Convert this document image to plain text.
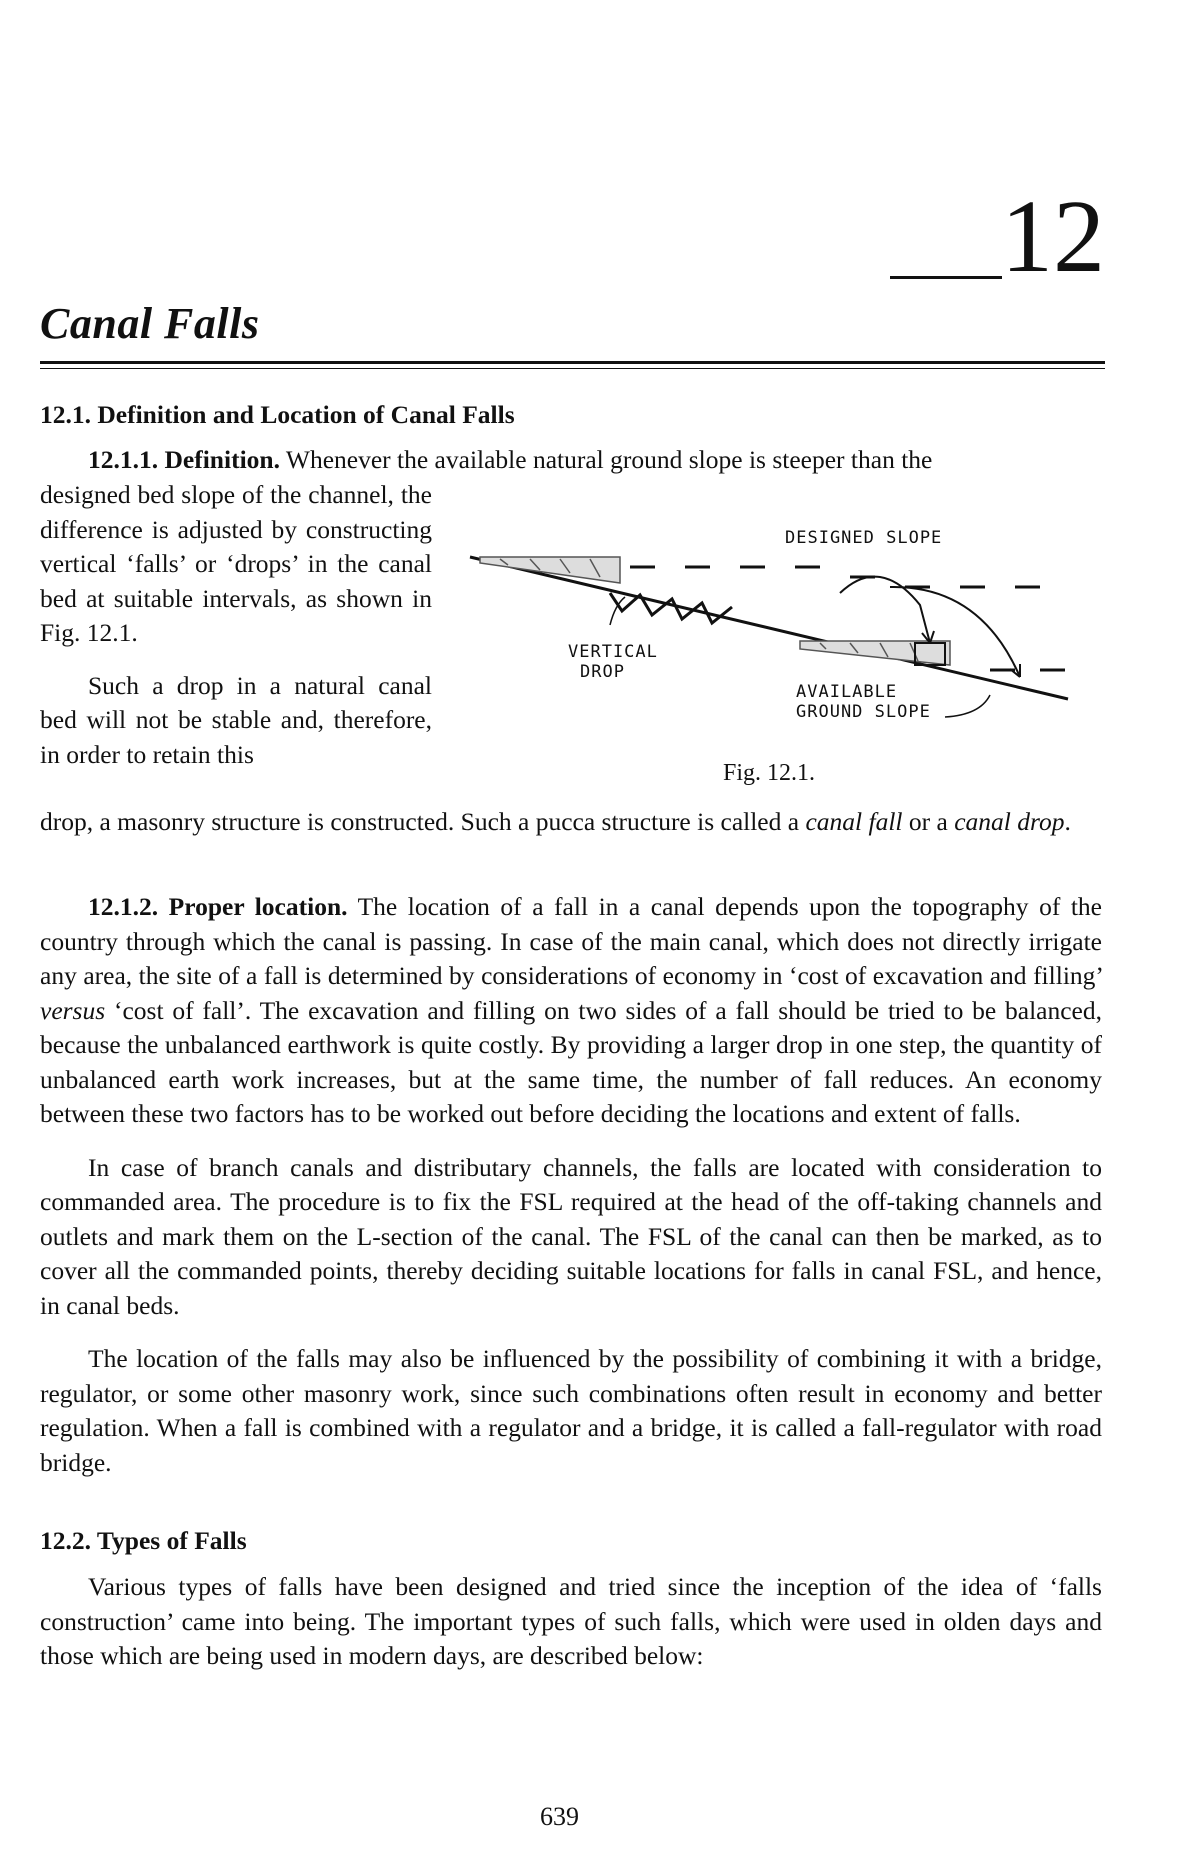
12
Canal Falls
12.1. Definition and Location of Canal Falls
12.1.1. Definition. Whenever the available natural ground slope is steeper than the

designed bed slope of the channel, the difference is adjusted by constructing vertical ‘falls’ or ‘drops’ in the canal bed at suitable intervals, as shown in Fig. 12.1.

Such a drop in a natural canal bed will not be stable and, therefore, in order to retain this

DESIGNED SLOPE
VERTICAL
DROP
AVAILABLE
GROUND SLOPE
Fig. 12.1.
drop, a masonry structure is constructed. Such a pucca structure is called a canal fall or a canal drop.

12.1.2. Proper location. The location of a fall in a canal depends upon the topography of the country through which the canal is passing. In case of the main canal, which does not directly irrigate any area, the site of a fall is determined by considerations of economy in ‘cost of excavation and filling’ versus ‘cost of fall’. The excavation and filling on two sides of a fall should be tried to be balanced, because the unbalanced earthwork is quite costly. By providing a larger drop in one step, the quantity of unbalanced earth work increases, but at the same time, the number of fall reduces. An economy between these two factors has to be worked out before deciding the locations and extent of falls.

In case of branch canals and distributary channels, the falls are located with consideration to commanded area. The procedure is to fix the FSL required at the head of the off-taking channels and outlets and mark them on the L-section of the canal. The FSL of the canal can then be marked, as to cover all the commanded points, thereby deciding suitable locations for falls in canal FSL, and hence, in canal beds.

The location of the falls may also be influenced by the possibility of combining it with a bridge, regulator, or some other masonry work, since such combinations often result in economy and better regulation. When a fall is combined with a regulator and a bridge, it is called a fall-regulator with road bridge.

12.2. Types of Falls

Various types of falls have been designed and tried since the inception of the idea of ‘falls construction’ came into being. The important types of such falls, which were used in olden days and those which are being used in modern days, are described below:

639
